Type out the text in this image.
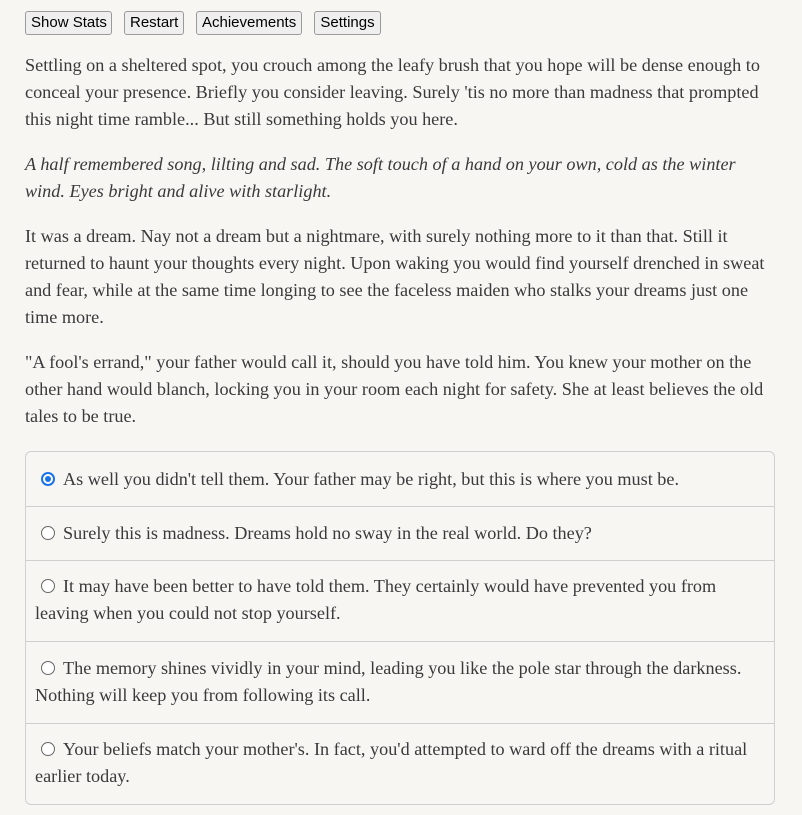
Show Stats	Restart	Achievements	Settings

Settling on a sheltered spot, you crouch among the leafy brush that you hope will be dense enough to conceal your presence. Briefly you consider leaving. Surely 'tis no more than madness that prompted this night time ramble... But still something holds you here.

A half remembered song, lilting and sad. The soft touch of a hand on your own, cold as the winter wind. Eyes bright and alive with starlight.

It was a dream. Nay not a dream but a nightmare, with surely nothing more to it than that. Still it returned to haunt your thoughts every night. Upon waking you would find yourself drenched in sweat and fear, while at the same time longing to see the faceless maiden who stalks your dreams just one time more.

"A fool's errand," your father would call it, should you have told him. You knew your mother on the other hand would blanch, locking you in your room each night for safety. She at least believes the old tales to be true.

As well you didn't tell them. Your father may be right, but this is where you must be.
Surely this is madness. Dreams hold no sway in the real world. Do they?
It may have been better to have told them. They certainly would have prevented you from leaving when you could not stop yourself.
The memory shines vividly in your mind, leading you like the pole star through the darkness. Nothing will keep you from following its call.
Your beliefs match your mother's. In fact, you'd attempted to ward off the dreams with a ritual earlier today.
